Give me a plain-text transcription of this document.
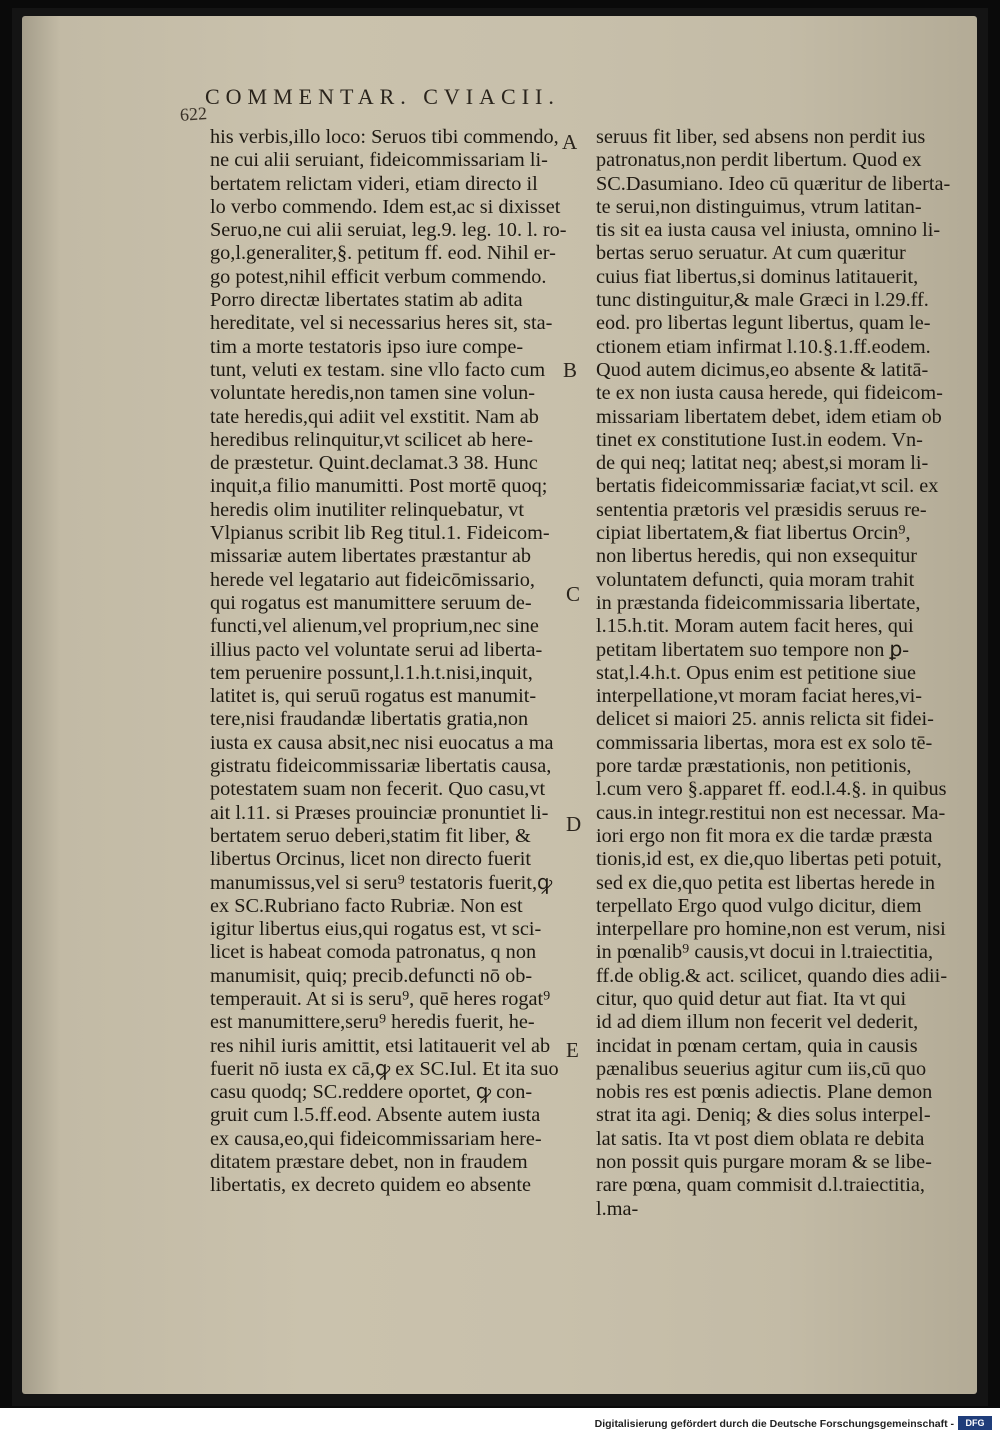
622
COMMENTAR. CVIACII.
his verbis,illo loco: Seruos tibi commendo,
ne cui alii seruiant, fideicommissariam li-
bertatem relictam videri, etiam directo il
lo verbo commendo. Idem est,ac si dixisset
Seruo,ne cui alii seruiat, leg.9. leg. 10. l. ro-
go,l.generaliter,§. petitum ff. eod. Nihil er-
go potest,nihil efficit verbum commendo.
Porro directæ libertates statim ab adita
hereditate, vel si necessarius heres sit, sta-
tim a morte testatoris ipso iure compe-
tunt, veluti ex testam. sine vllo facto cum
voluntate heredis,non tamen sine volun-
tate heredis,qui adiit vel exstitit. Nam ab
heredibus relinquitur,vt scilicet ab here-
de præstetur. Quint.declamat.3 38. Hunc
inquit,a filio manumitti. Post mortē quoq;
heredis olim inutiliter relinquebatur, vt
Vlpianus scribit lib Reg titul.1. Fideicom-
missariæ autem libertates præstantur ab
herede vel legatario aut fideicōmissario,
qui rogatus est manumittere seruum de-
functi,vel alienum,vel proprium,nec sine
illius pacto vel voluntate serui ad liberta-
tem peruenire possunt,l.1.h.t.nisi,inquit,
latitet is, qui seruū rogatus est manumit-
tere,nisi fraudandæ libertatis gratia,non
iusta ex causa absit,nec nisi euocatus a ma
gistratu fideicommissariæ libertatis causa,
potestatem suam non fecerit. Quo casu,vt
ait l.11. si Præses prouinciæ pronuntiet li-
bertatem seruo deberi,statim fit liber, &
libertus Orcinus, licet non directo fuerit
manumissus,vel si seru⁹ testatoris fuerit,ꝙ
ex SC.Rubriano facto Rubriæ. Non est
igitur libertus eius,qui rogatus est, vt sci-
licet is habeat comoda patronatus, q non
manumisit, quiq; precib.defuncti nō ob-
temperauit. At si is seru⁹, quē heres rogat⁹
est manumittere,seru⁹ heredis fuerit, he-
res nihil iuris amittit, etsi latitauerit vel ab
fuerit nō iusta ex cā,ꝙ ex SC.Iul. Et ita suo
casu quodq; SC.reddere oportet, ꝙ con-
gruit cum l.5.ff.eod. Absente autem iusta
ex causa,eo,qui fideicommissariam here-
ditatem præstare debet, non in fraudem
libertatis, ex decreto quidem eo absente
seruus fit liber, sed absens non perdit ius
patronatus,non perdit libertum. Quod ex
SC.Dasumiano. Ideo cū quæritur de liberta-
te serui,non distinguimus, vtrum latitan-
tis sit ea iusta causa vel iniusta, omnino li-
bertas seruo seruatur. At cum quæritur
cuius fiat libertus,si dominus latitauerit,
tunc distinguitur,& male Græci in l.29.ff.
eod. pro libertas legunt libertus, quam le-
ctionem etiam infirmat l.10.§.1.ff.eodem.
Quod autem dicimus,eo absente & latitā-
te ex non iusta causa herede, qui fideicom-
missariam libertatem debet, idem etiam ob
tinet ex constitutione Iust.in eodem. Vn-
de qui neq; latitat neq; abest,si moram li-
bertatis fideicommissariæ faciat,vt scil. ex
sententia prætoris vel præsidis seruus re-
cipiat libertatem,& fiat libertus Orcin⁹,
non libertus heredis, qui non exsequitur
voluntatem defuncti, quia moram trahit
in præstanda fideicommissaria libertate,
l.15.h.tit. Moram autem facit heres, qui
petitam libertatem suo tempore non ꝑ-
stat,l.4.h.t. Opus enim est petitione siue
interpellatione,vt moram faciat heres,vi-
delicet si maiori 25. annis relicta sit fidei-
commissaria libertas, mora est ex solo tē-
pore tardæ præstationis, non petitionis,
l.cum vero §.apparet ff. eod.l.4.§. in quibus
caus.in integr.restitui non est necessar. Ma-
iori ergo non fit mora ex die tardæ præsta
tionis,id est, ex die,quo libertas peti potuit,
sed ex die,quo petita est libertas herede in
terpellato Ergo quod vulgo dicitur, diem
interpellare pro homine,non est verum, nisi
in pœnalib⁹ causis,vt docui in l.traiectitia,
ff.de oblig.& act. scilicet, quando dies adii-
citur, quo quid detur aut fiat. Ita vt qui
id ad diem illum non fecerit vel dederit,
incidat in pœnam certam, quia in causis
pænalibus seuerius agitur cum iis,cū quo
nobis res est pœnis adiectis. Plane demon
strat ita agi. Deniq; & dies solus interpel-
lat satis. Ita vt post diem oblata re debita
non possit quis purgare moram & se libe-
rare pœna, quam commisit d.l.traiectitia,
l.ma-
A
B
C
D
E
Digitalisierung gefördert durch die Deutsche Forschungsgemeinschaft -	DFG
